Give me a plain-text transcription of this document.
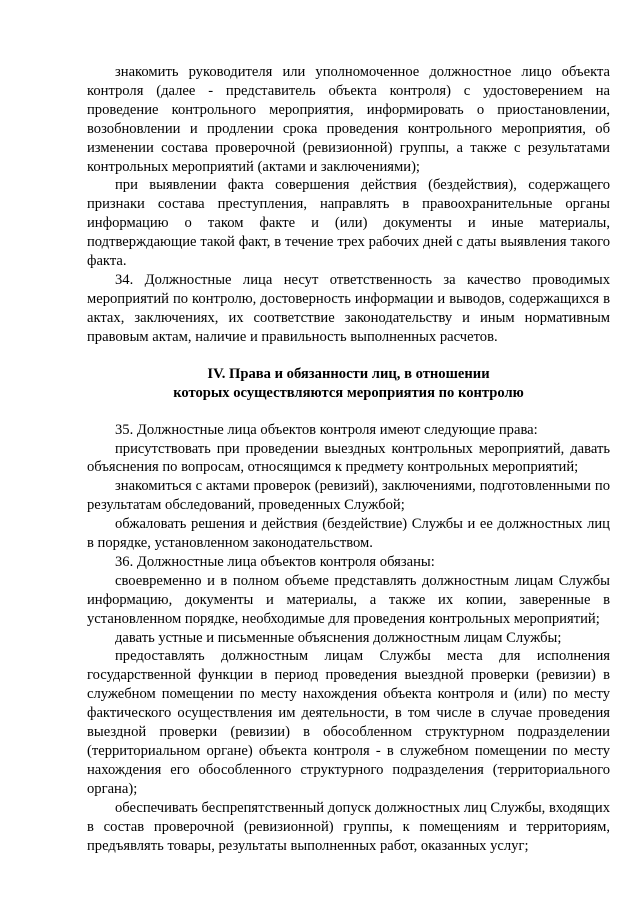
знакомить руководителя или уполномоченное должностное лицо объекта контроля (далее - представитель объекта контроля) с удостоверением на проведение контрольного мероприятия, информировать о приостановлении, возобновлении и продлении срока проведения контрольного мероприятия, об изменении состава проверочной (ревизионной) группы, а также с результатами контрольных мероприятий (актами и заключениями);

при выявлении факта совершения действия (бездействия), содержащего признаки состава преступления, направлять в правоохранительные органы информацию о таком факте и (или) документы и иные материалы, подтверждающие такой факт, в течение трех рабочих дней с даты выявления такого факта.

34. Должностные лица несут ответственность за качество проводимых мероприятий по контролю, достоверность информации и выводов, содержащихся в актах, заключениях, их соответствие законодательству и иным нормативным правовым актам, наличие и правильность выполненных расчетов.

IV. Права и обязанности лиц, в отношении
которых осуществляются мероприятия по контролю

35. Должностные лица объектов контроля имеют следующие права:

присутствовать при проведении выездных контрольных мероприятий, давать объяснения по вопросам, относящимся к предмету контрольных мероприятий;

знакомиться с актами проверок (ревизий), заключениями, подготовленными по результатам обследований, проведенных Службой;

обжаловать решения и действия (бездействие) Службы и ее должностных лиц в порядке, установленном законодательством.

36. Должностные лица объектов контроля обязаны:

своевременно и в полном объеме представлять должностным лицам Службы информацию, документы и материалы, а также их копии, заверенные в установленном порядке, необходимые для проведения контрольных мероприятий;

давать устные и письменные объяснения должностным лицам Службы;

предоставлять должностным лицам Службы места для исполнения государственной функции в период проведения выездной проверки (ревизии) в служебном помещении по месту нахождения объекта контроля и (или) по месту фактического осуществления им деятельности, в том числе в случае проведения выездной проверки (ревизии) в обособленном структурном подразделении (территориальном органе) объекта контроля - в служебном помещении по месту нахождения его обособленного структурного подразделения (территориального органа);

обеспечивать беспрепятственный допуск должностных лиц Службы, входящих в состав проверочной (ревизионной) группы, к помещениям и территориям, предъявлять товары, результаты выполненных работ, оказанных услуг;
